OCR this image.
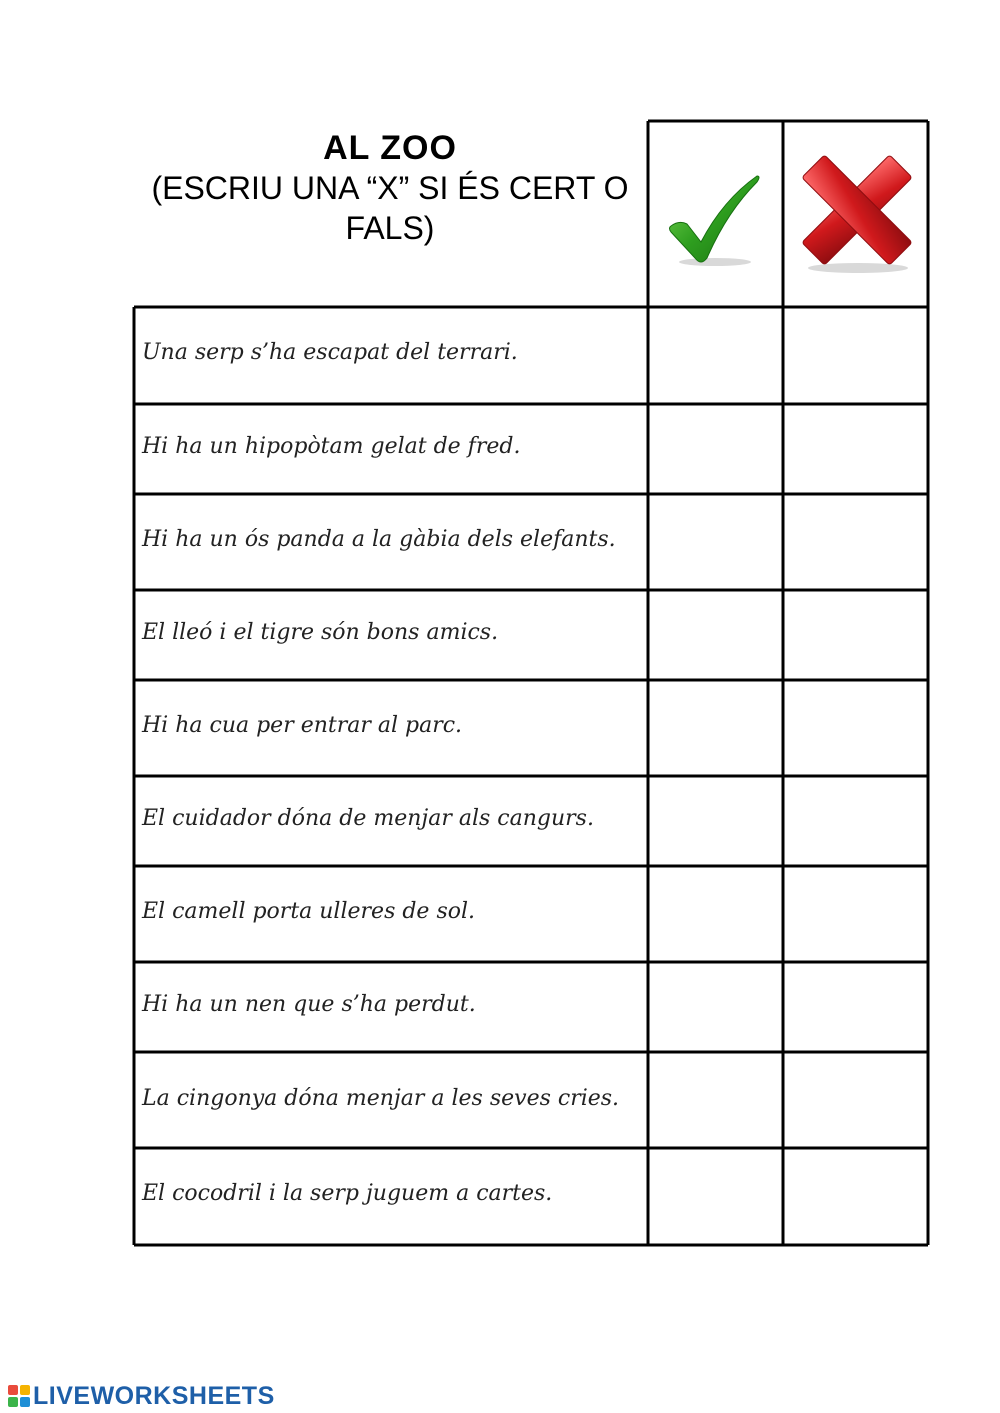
AL ZOO
(ESCRIU UNA “X” SI ÉS CERT O FALS)
Una serp s’ha escapat del terrari.
Hi ha un hipopòtam gelat de fred.
Hi ha un ós panda a la gàbia dels elefants.
El lleó i el tigre són bons amics.
Hi ha cua per entrar al parc.
El cuidador dóna de menjar als cangurs.
El camell porta ulleres de sol.
Hi ha un nen que s’ha perdut.
La cingonya dóna menjar a les seves cries.
El cocodril i la serp juguem a cartes.
LIVEWORKSHEETS
